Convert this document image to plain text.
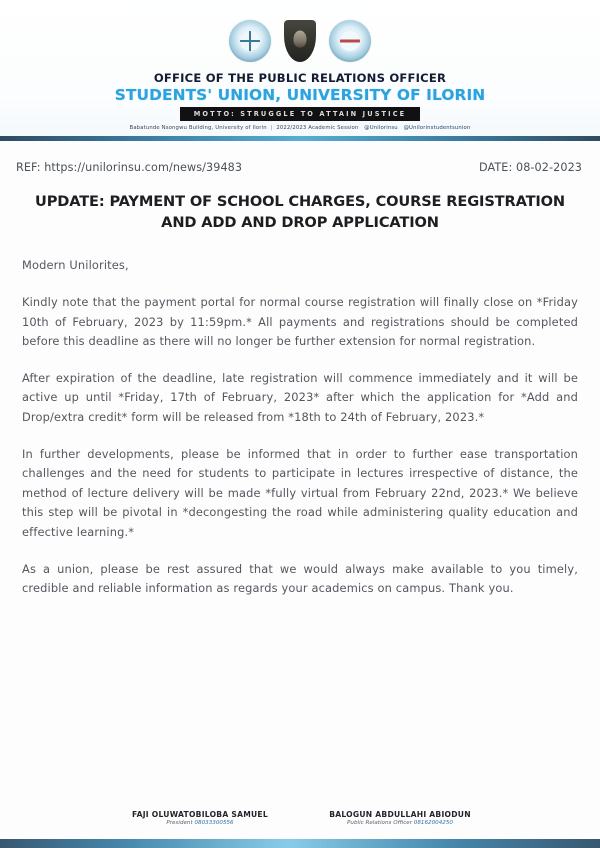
OFFICE OF THE PUBLIC RELATIONS OFFICER
STUDENTS' UNION, UNIVERSITY OF ILORIN
MOTTO: STRUGGLE TO ATTAIN JUSTICE
Babatunde Nsongwu Building, University of Ilorin | 2022/2023 Academic Session @Unilorinsu @Unilorinstudentsunion
REF: https://unilorinsu.com/news/39483	DATE: 08-02-2023
UPDATE: PAYMENT OF SCHOOL CHARGES, COURSE REGISTRATION AND ADD AND DROP APPLICATION

Modern Unilorites,

Kindly note that the payment portal for normal course registration will finally close on *Friday 10th of February, 2023 by 11:59pm.* All payments and registrations should be completed before this deadline as there will no longer be further extension for normal registration.

After expiration of the deadline, late registration will commence immediately and it will be active up until *Friday, 17th of February, 2023* after which the application for *Add and Drop/extra credit* form will be released from *18th to 24th of February, 2023.*

In further developments, please be informed that in order to further ease transportation challenges and the need for students to participate in lectures irrespective of distance, the method of lecture delivery will be made *fully virtual from February 22nd, 2023.* We believe this step will be pivotal in *decongesting the road while administering quality education and effective learning.*

As a union, please be rest assured that we would always make available to you timely, credible and reliable information as regards your academics on campus. Thank you.

FAJI OLUWATOBILOBA SAMUEL
President 08033300556
BALOGUN ABDULLAHI ABIODUN
Public Relations Officer 08162004250
